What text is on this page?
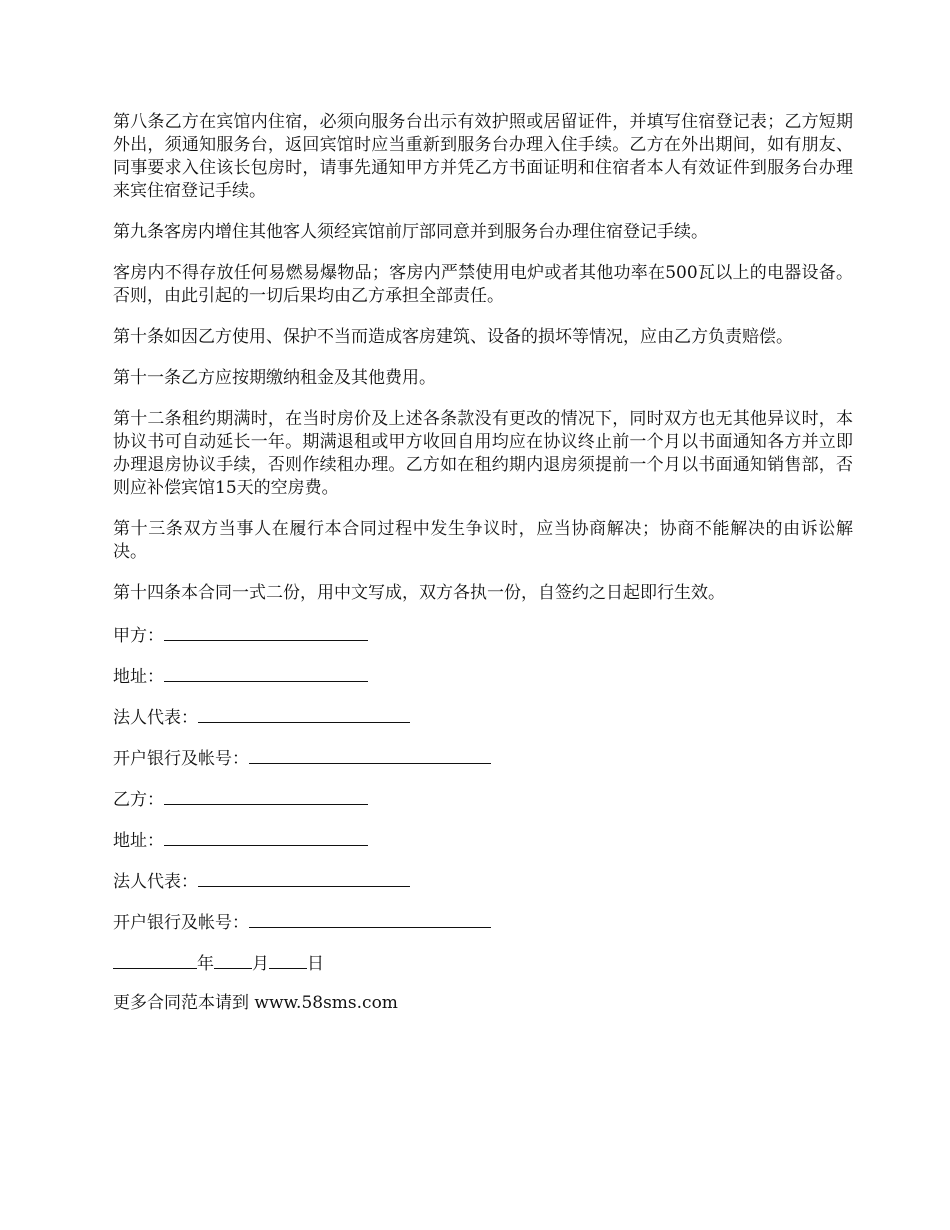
第八条乙方在宾馆内住宿，必须向服务台出示有效护照或居留证件，并填写住宿登记表；乙方短期外出，须通知服务台，返回宾馆时应当重新到服务台办理入住手续。乙方在外出期间，如有朋友、同事要求入住该长包房时，请事先通知甲方并凭乙方书面证明和住宿者本人有效证件到服务台办理来宾住宿登记手续。

第九条客房内增住其他客人须经宾馆前厅部同意并到服务台办理住宿登记手续。

客房内不得存放任何易燃易爆物品；客房内严禁使用电炉或者其他功率在500瓦以上的电器设备。否则，由此引起的一切后果均由乙方承担全部责任。

第十条如因乙方使用、保护不当而造成客房建筑、设备的损坏等情况，应由乙方负责赔偿。

第十一条乙方应按期缴纳租金及其他费用。

第十二条租约期满时，在当时房价及上述各条款没有更改的情况下，同时双方也无其他异议时，本协议书可自动延长一年。期满退租或甲方收回自用均应在协议终止前一个月以书面通知各方并立即办理退房协议手续，否则作续租办理。乙方如在租约期内退房须提前一个月以书面通知销售部，否则应补偿宾馆15天的空房费。

第十三条双方当事人在履行本合同过程中发生争议时，应当协商解决；协商不能解决的由诉讼解决。

第十四条本合同一式二份，用中文写成，双方各执一份，自签约之日起即行生效。

甲方：

地址：

法人代表：

开户银行及帐号：

乙方：

地址：

法人代表：

开户银行及帐号：

年 月 日

更多合同范本请到 www.58sms.com
